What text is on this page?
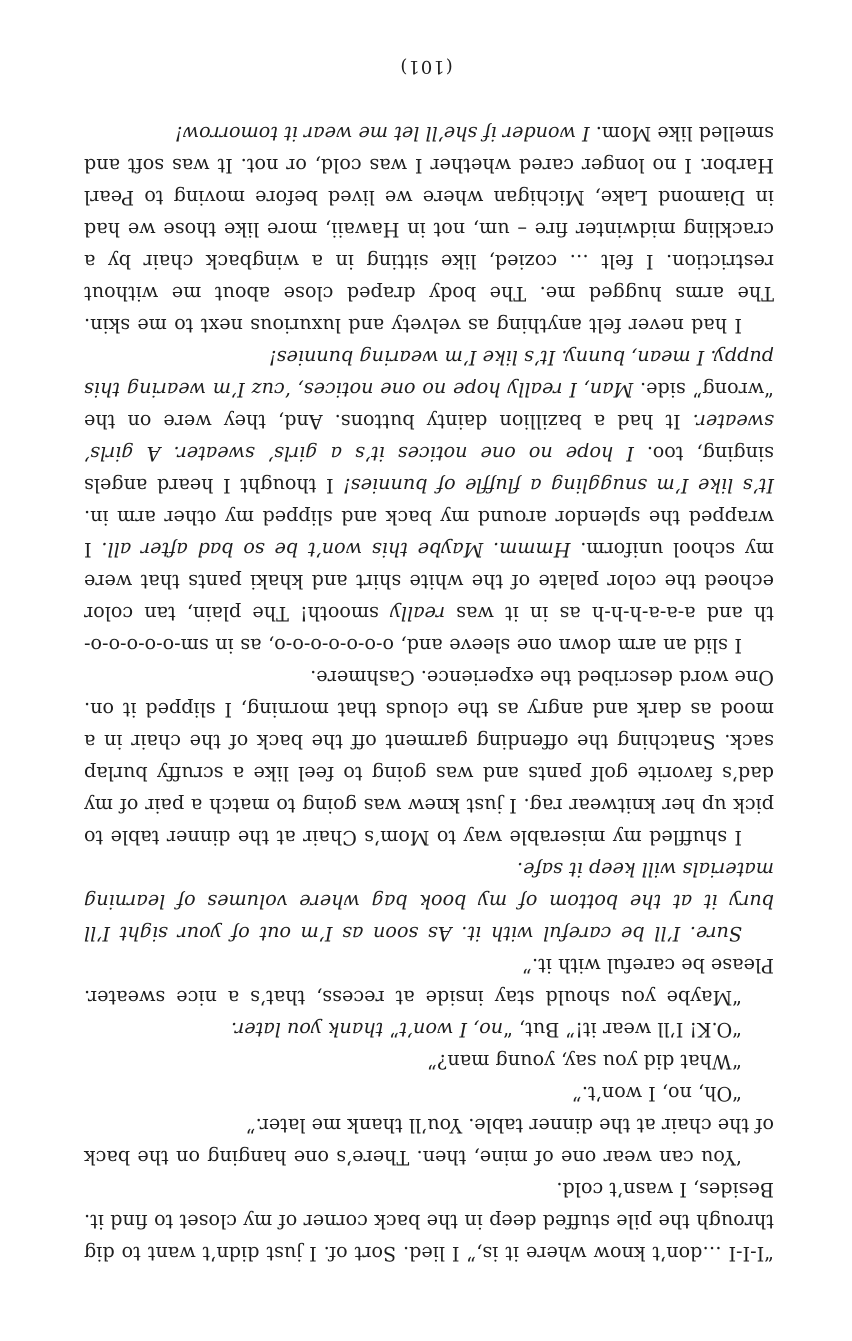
“I-I-I …don’t know where it is,” I lied. Sort of. I just didn’t want to dig through the pile stuffed deep in the back corner of my closet to find it. Besides, I wasn’t cold.

‘You can wear one of mine, then. There’s one hanging on the back of the chair at the dinner table. You’ll thank me later.”

“Oh, no, I won’t.”

“What did you say, young man?”

“O.K! I’ll wear it!” But, “no, I won’t” thank you later.

“Maybe you should stay inside at recess, that’s a nice sweater. Please be careful with it.”

Sure. I’ll be careful with it. As soon as I’m out of your sight I’ll bury it at the bottom of my book bag where volumes of learning materials will keep it safe.

I shuffled my miserable way to Mom’s Chair at the dinner table to pick up her knitwear rag. I just knew was going to match a pair of my dad’s favorite golf pants and was going to feel like a scruffy burlap sack. Snatching the offending garment off the back of the chair in a mood as dark and angry as the clouds that morning, I slipped it on. One word described the experience. Cashmere.

I slid an arm down one sleeve and, o-o-o-o-o-o-o, as in sm-o-o-o-o-o-th and a-a-a-h-h-h as in it was really smooth! The plain, tan color echoed the color palate of the white shirt and khaki pants that were my school uniform. Hmmm. Maybe this won’t be so bad after all. I wrapped the splendor around my back and slipped my other arm in. It’s like I’m snuggling a fluffle of bunnies! I thought I heard angels singing, too. I hope no one notices it’s a girls’ sweater. A girls’ sweater. It had a bazillion dainty buttons. And, they were on the “wrong” side. Man, I really hope no one notices, ‘cuz I’m wearing this puppy. I mean, bunny. It’s like I’m wearing bunnies!

I had never felt anything as velvety and luxurious next to me skin. The arms hugged me. The body draped close about me without restriction. I felt … cozied, like sitting in a wingback chair by a crackling midwinter fire – um, not in Hawaii, more like those we had in Diamond Lake, Michigan where we lived before moving to Pearl Harbor. I no longer cared whether I was cold, or not. It was soft and smelled like Mom. I wonder if she’ll let me wear it tomorrow!

(101)
